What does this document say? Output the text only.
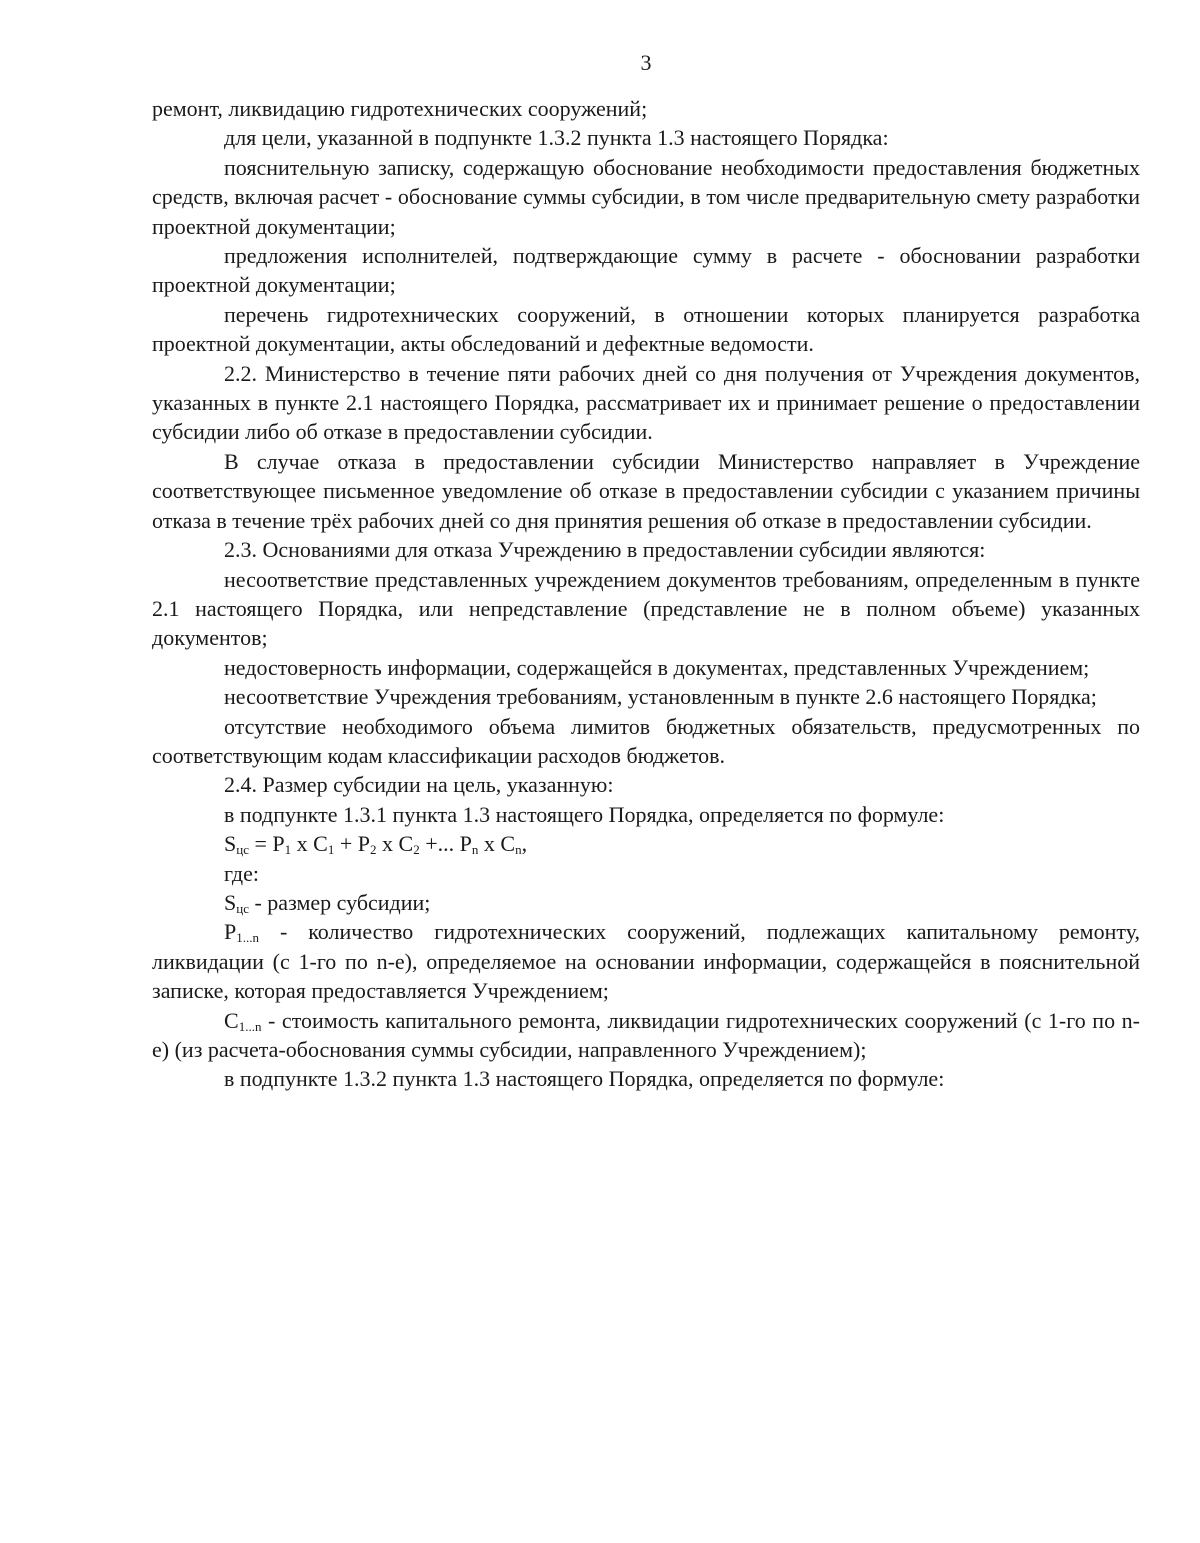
3

ремонт, ликвидацию гидротехнических сооружений;

для цели, указанной в подпункте 1.3.2 пункта 1.3 настоящего Порядка:

пояснительную записку, содержащую обоснование необходимости предоставления бюджетных средств, включая расчет - обоснование суммы субсидии, в том числе предварительную смету разработки проектной документации;

предложения исполнителей, подтверждающие сумму в расчете - обосновании разработки проектной документации;

перечень гидротехнических сооружений, в отношении которых планируется разработка проектной документации, акты обследований и дефектные ведомости.

2.2. Министерство в течение пяти рабочих дней со дня получения от Учреждения документов, указанных в пункте 2.1 настоящего Порядка, рассматривает их и принимает решение о предоставлении субсидии либо об отказе в предоставлении субсидии.

В случае отказа в предоставлении субсидии Министерство направляет в Учреждение соответствующее письменное уведомление об отказе в предоставлении субсидии с указанием причины отказа в течение трёх рабочих дней со дня принятия решения об отказе в предоставлении субсидии.

2.3. Основаниями для отказа Учреждению в предоставлении субсидии являются:

несоответствие представленных учреждением документов требованиям, определенным в пункте 2.1 настоящего Порядка, или непредставление (представление не в полном объеме) указанных документов;

недостоверность информации, содержащейся в документах, представленных Учреждением;

несоответствие Учреждения требованиям, установленным в пункте 2.6 настоящего Порядка;

отсутствие необходимого объема лимитов бюджетных обязательств, предусмотренных по соответствующим кодам классификации расходов бюджетов.

2.4. Размер субсидии на цель, указанную:

в подпункте 1.3.1 пункта 1.3 настоящего Порядка, определяется по формуле:

$S_{цс} = P_1$ x $C_1 + P_2$ x $C_2$ +... $P_n$ x $C_n$,

где:

$S_{цс}$ - размер субсидии;

$P_{1...n}$ - количество гидротехнических сооружений, подлежащих капитальному ремонту, ликвидации (с 1-го по n-е), определяемое на основании информации, содержащейся в пояснительной записке, которая предоставляется Учреждением;

$C_{1...n}$ - стоимость капитального ремонта, ликвидации гидротехнических сооружений (с 1-го по n-е) (из расчета-обоснования суммы субсидии, направленного Учреждением);

в подпункте 1.3.2 пункта 1.3 настоящего Порядка, определяется по формуле:
